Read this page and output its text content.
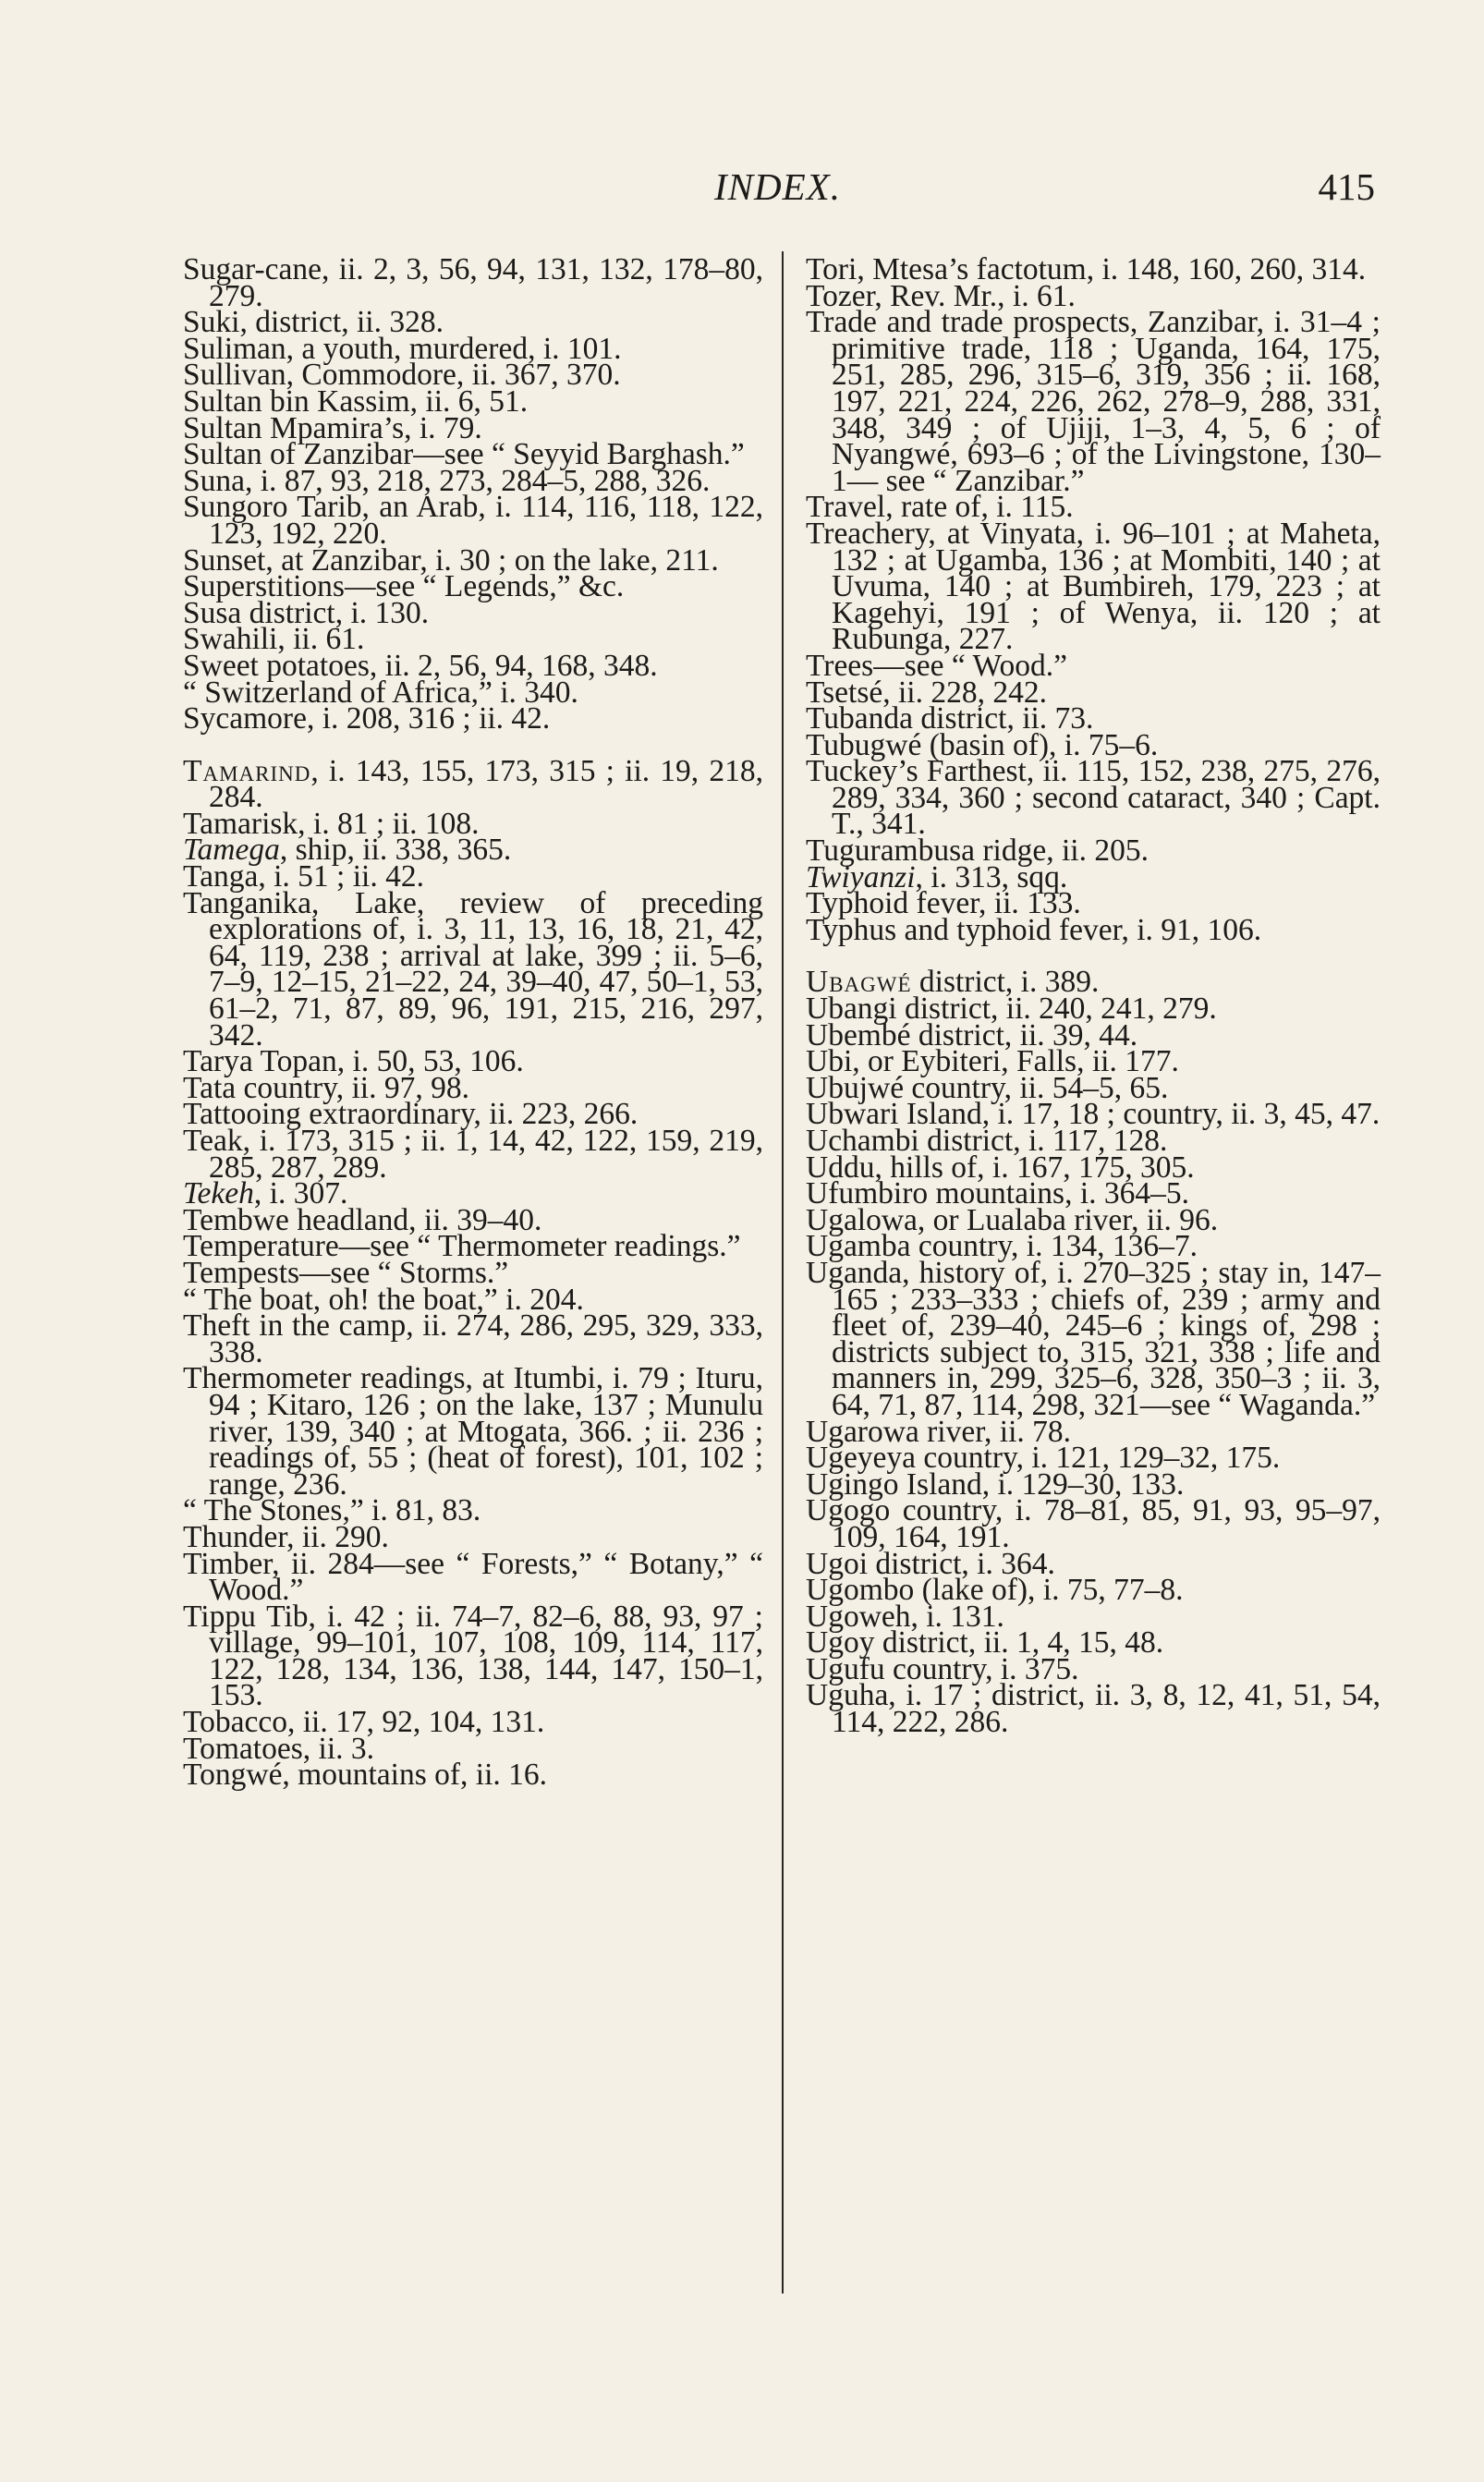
INDEX.	415

Sugar-cane, ii. 2, 3, 56, 94, 131, 132, 178–80, 279.

Suki, district, ii. 328.

Suliman, a youth, murdered, i. 101.

Sullivan, Commodore, ii. 367, 370.

Sultan bin Kassim, ii. 6, 51.

Sultan Mpamira’s, i. 79.

Sultan of Zanzibar—see “ Seyyid Barghash.”

Suna, i. 87, 93, 218, 273, 284–5, 288, 326.

Sungoro Tarib, an Arab, i. 114, 116, 118, 122, 123, 192, 220.

Sunset, at Zanzibar, i. 30 ; on the lake, 211.

Superstitions—see “ Legends,” &c.

Susa district, i. 130.

Swahili, ii. 61.

Sweet potatoes, ii. 2, 56, 94, 168, 348.

“ Switzerland of Africa,” i. 340.

Sycamore, i. 208, 316 ; ii. 42.

Tamarind, i. 143, 155, 173, 315 ; ii. 19, 218, 284.

Tamarisk, i. 81 ; ii. 108.

Tamega, ship, ii. 338, 365.

Tanga, i. 51 ; ii. 42.

Tanganika, Lake, review of preceding explorations of, i. 3, 11, 13, 16, 18, 21, 42, 64, 119, 238 ; arrival at lake, 399 ; ii. 5–6, 7–9, 12–15, 21–22, 24, 39–40, 47, 50–1, 53, 61–2, 71, 87, 89, 96, 191, 215, 216, 297, 342.

Tarya Topan, i. 50, 53, 106.

Tata country, ii. 97, 98.

Tattooing extraordinary, ii. 223, 266.

Teak, i. 173, 315 ; ii. 1, 14, 42, 122, 159, 219, 285, 287, 289.

Tekeh, i. 307.

Tembwe headland, ii. 39–40.

Temperature—see “ Thermometer readings.”

Tempests—see “ Storms.”

“ The boat, oh! the boat,” i. 204.

Theft in the camp, ii. 274, 286, 295, 329, 333, 338.

Thermometer readings, at Itumbi, i. 79 ; Ituru, 94 ; Kitaro, 126 ; on the lake, 137 ; Munulu river, 139, 340 ; at Mtogata, 366. ; ii. 236 ; readings of, 55 ; (heat of forest), 101, 102 ; range, 236.

“ The Stones,” i. 81, 83.

Thunder, ii. 290.

Timber, ii. 284—see “ Forests,” “ Botany,” “ Wood.”

Tippu Tib, i. 42 ; ii. 74–7, 82–6, 88, 93, 97 ; village, 99–101, 107, 108, 109, 114, 117, 122, 128, 134, 136, 138, 144, 147, 150–1, 153.

Tobacco, ii. 17, 92, 104, 131.

Tomatoes, ii. 3.

Tongwé, mountains of, ii. 16.

Tori, Mtesa’s factotum, i. 148, 160, 260, 314.

Tozer, Rev. Mr., i. 61.

Trade and trade prospects, Zanzibar, i. 31–4 ; primitive trade, 118 ; Uganda, 164, 175, 251, 285, 296, 315–6, 319, 356 ; ii. 168, 197, 221, 224, 226, 262, 278–9, 288, 331, 348, 349 ; of Ujiji, 1–3, 4, 5, 6 ; of Nyangwé, 693–6 ; of the Livingstone, 130–1— see “ Zanzibar.”

Travel, rate of, i. 115.

Treachery, at Vinyata, i. 96–101 ; at Maheta, 132 ; at Ugamba, 136 ; at Mombiti, 140 ; at Uvuma, 140 ; at Bumbireh, 179, 223 ; at Kagehyi, 191 ; of Wenya, ii. 120 ; at Rubunga, 227.

Trees—see “ Wood.”

Tsetsé, ii. 228, 242.

Tubanda district, ii. 73.

Tubugwé (basin of), i. 75–6.

Tuckey’s Farthest, ii. 115, 152, 238, 275, 276, 289, 334, 360 ; second cataract, 340 ; Capt. T., 341.

Tugurambusa ridge, ii. 205.

Twiyanzi, i. 313, sqq.

Typhoid fever, ii. 133.

Typhus and typhoid fever, i. 91, 106.

Ubagwé district, i. 389.

Ubangi district, ii. 240, 241, 279.

Ubembé district, ii. 39, 44.

Ubi, or Eybiteri, Falls, ii. 177.

Ubujwé country, ii. 54–5, 65.

Ubwari Island, i. 17, 18 ; country, ii. 3, 45, 47.

Uchambi district, i. 117, 128.

Uddu, hills of, i. 167, 175, 305.

Ufumbiro mountains, i. 364–5.

Ugalowa, or Lualaba river, ii. 96.

Ugamba country, i. 134, 136–7.

Uganda, history of, i. 270–325 ; stay in, 147–165 ; 233–333 ; chiefs of, 239 ; army and fleet of, 239–40, 245–6 ; kings of, 298 ; districts subject to, 315, 321, 338 ; life and manners in, 299, 325–6, 328, 350–3 ; ii. 3, 64, 71, 87, 114, 298, 321—see “ Waganda.”

Ugarowa river, ii. 78.

Ugeyeya country, i. 121, 129–32, 175.

Ugingo Island, i. 129–30, 133.

Ugogo country, i. 78–81, 85, 91, 93, 95–97, 109, 164, 191.

Ugoi district, i. 364.

Ugombo (lake of), i. 75, 77–8.

Ugoweh, i. 131.

Ugoy district, ii. 1, 4, 15, 48.

Ugufu country, i. 375.

Uguha, i. 17 ; district, ii. 3, 8, 12, 41, 51, 54, 114, 222, 286.
